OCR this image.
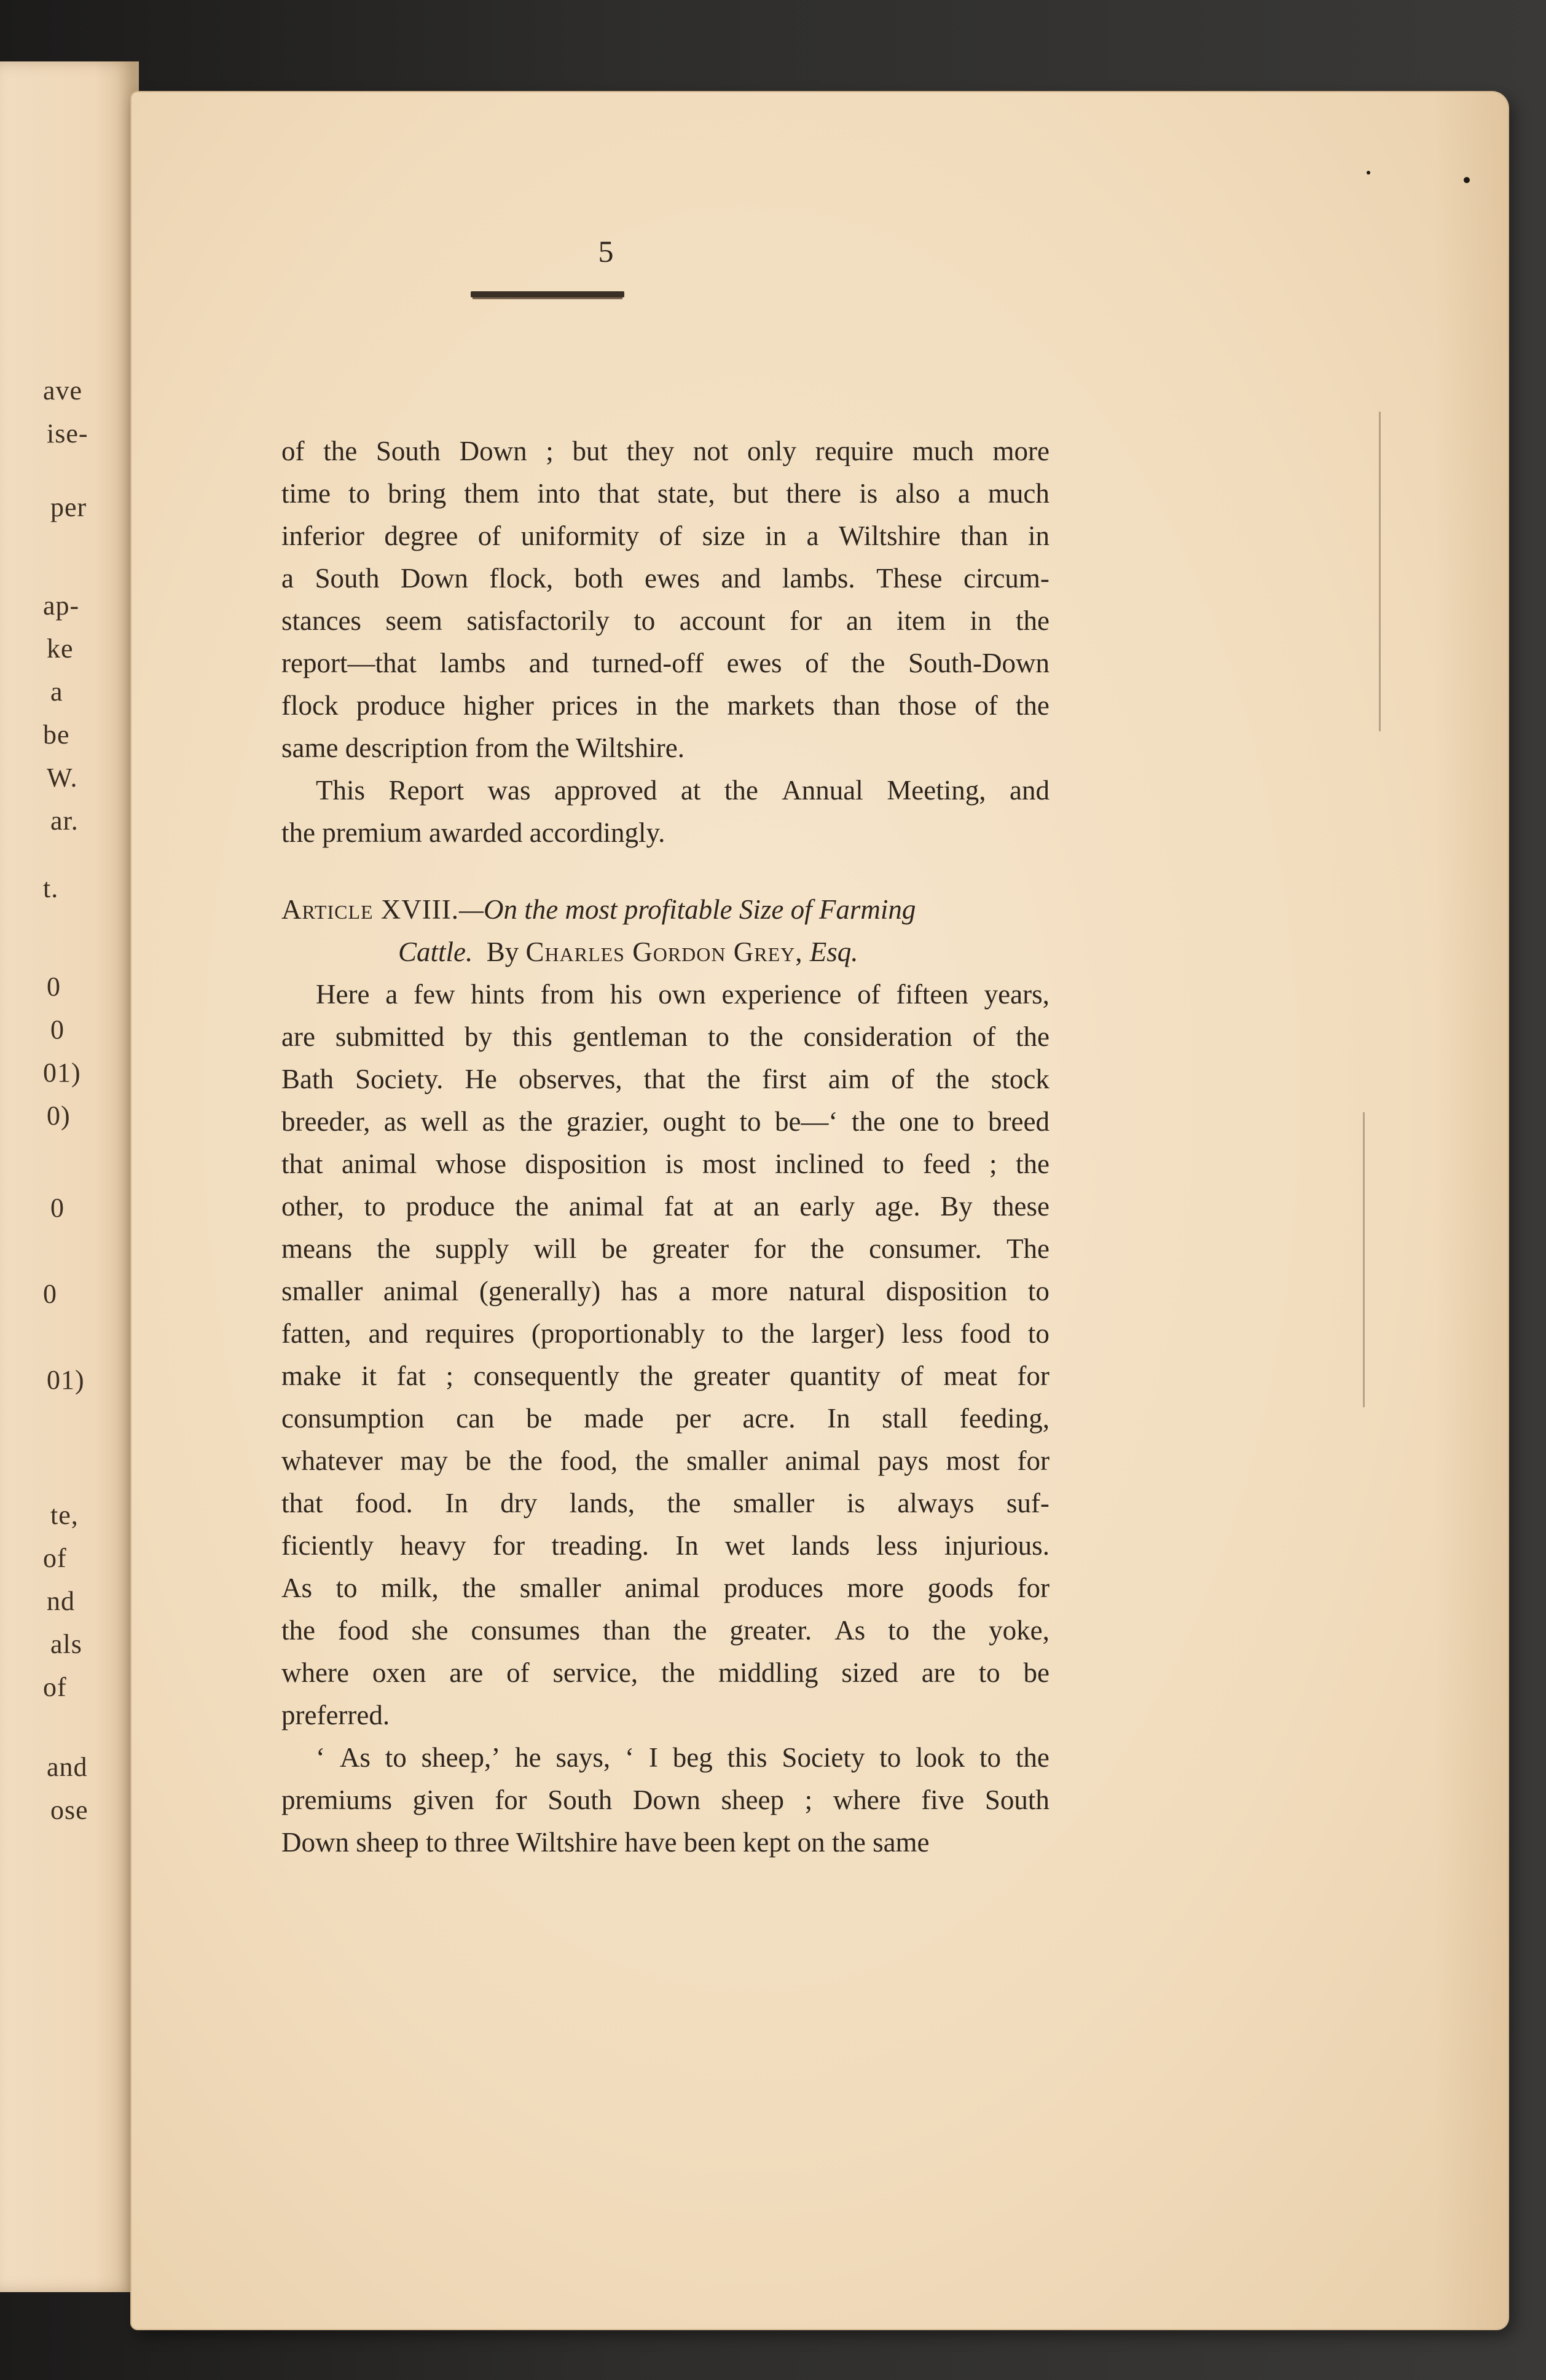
ave
ise-
per
ap-
ke
a
be
W.
ar.
t.
0
0
01)
0)
0
0
01)
te,
of
nd
als
of
and
ose
5
of the South Down ; but they not only require much more
time to bring them into that state, but there is also a much
inferior degree of uniformity of size in a Wiltshire than in
a South Down flock, both ewes and lambs. These circum-
stances seem satisfactorily to account for an item in the
report—that lambs and turned-off ewes of the South-Down
flock produce higher prices in the markets than those of the
same description from the Wiltshire.
This Report was approved at the Annual Meeting, and
the premium awarded accordingly.
Article XVIII.—On the most profitable Size of Farming
Cattle.
By
Charles Gordon Grey,
Esq.
Here a few hints from his own experience of fifteen years,
are submitted by this gentleman to the consideration of the
Bath Society. He observes, that the first aim of the stock
breeder, as well as the grazier, ought to be—‘ the one to breed
that animal whose disposition is most inclined to feed ; the
other, to produce the animal fat at an early age. By these
means the supply will be greater for the consumer. The
smaller animal (generally) has a more natural disposition to
fatten, and requires (proportionably to the larger) less food to
make it fat ; consequently the greater quantity of meat for
consumption can be made per acre. In stall feeding,
whatever may be the food, the smaller animal pays most for
that food. In dry lands, the smaller is always suf-
ficiently heavy for treading. In wet lands less injurious.
As to milk, the smaller animal produces more goods for
the food she consumes than the greater. As to the yoke,
where oxen are of service, the middling sized are to be
preferred.
‘ As to sheep,’ he says, ‘ I beg this Society to look to the
premiums given for South Down sheep ; where five South
Down sheep to three Wiltshire have been kept on the same
